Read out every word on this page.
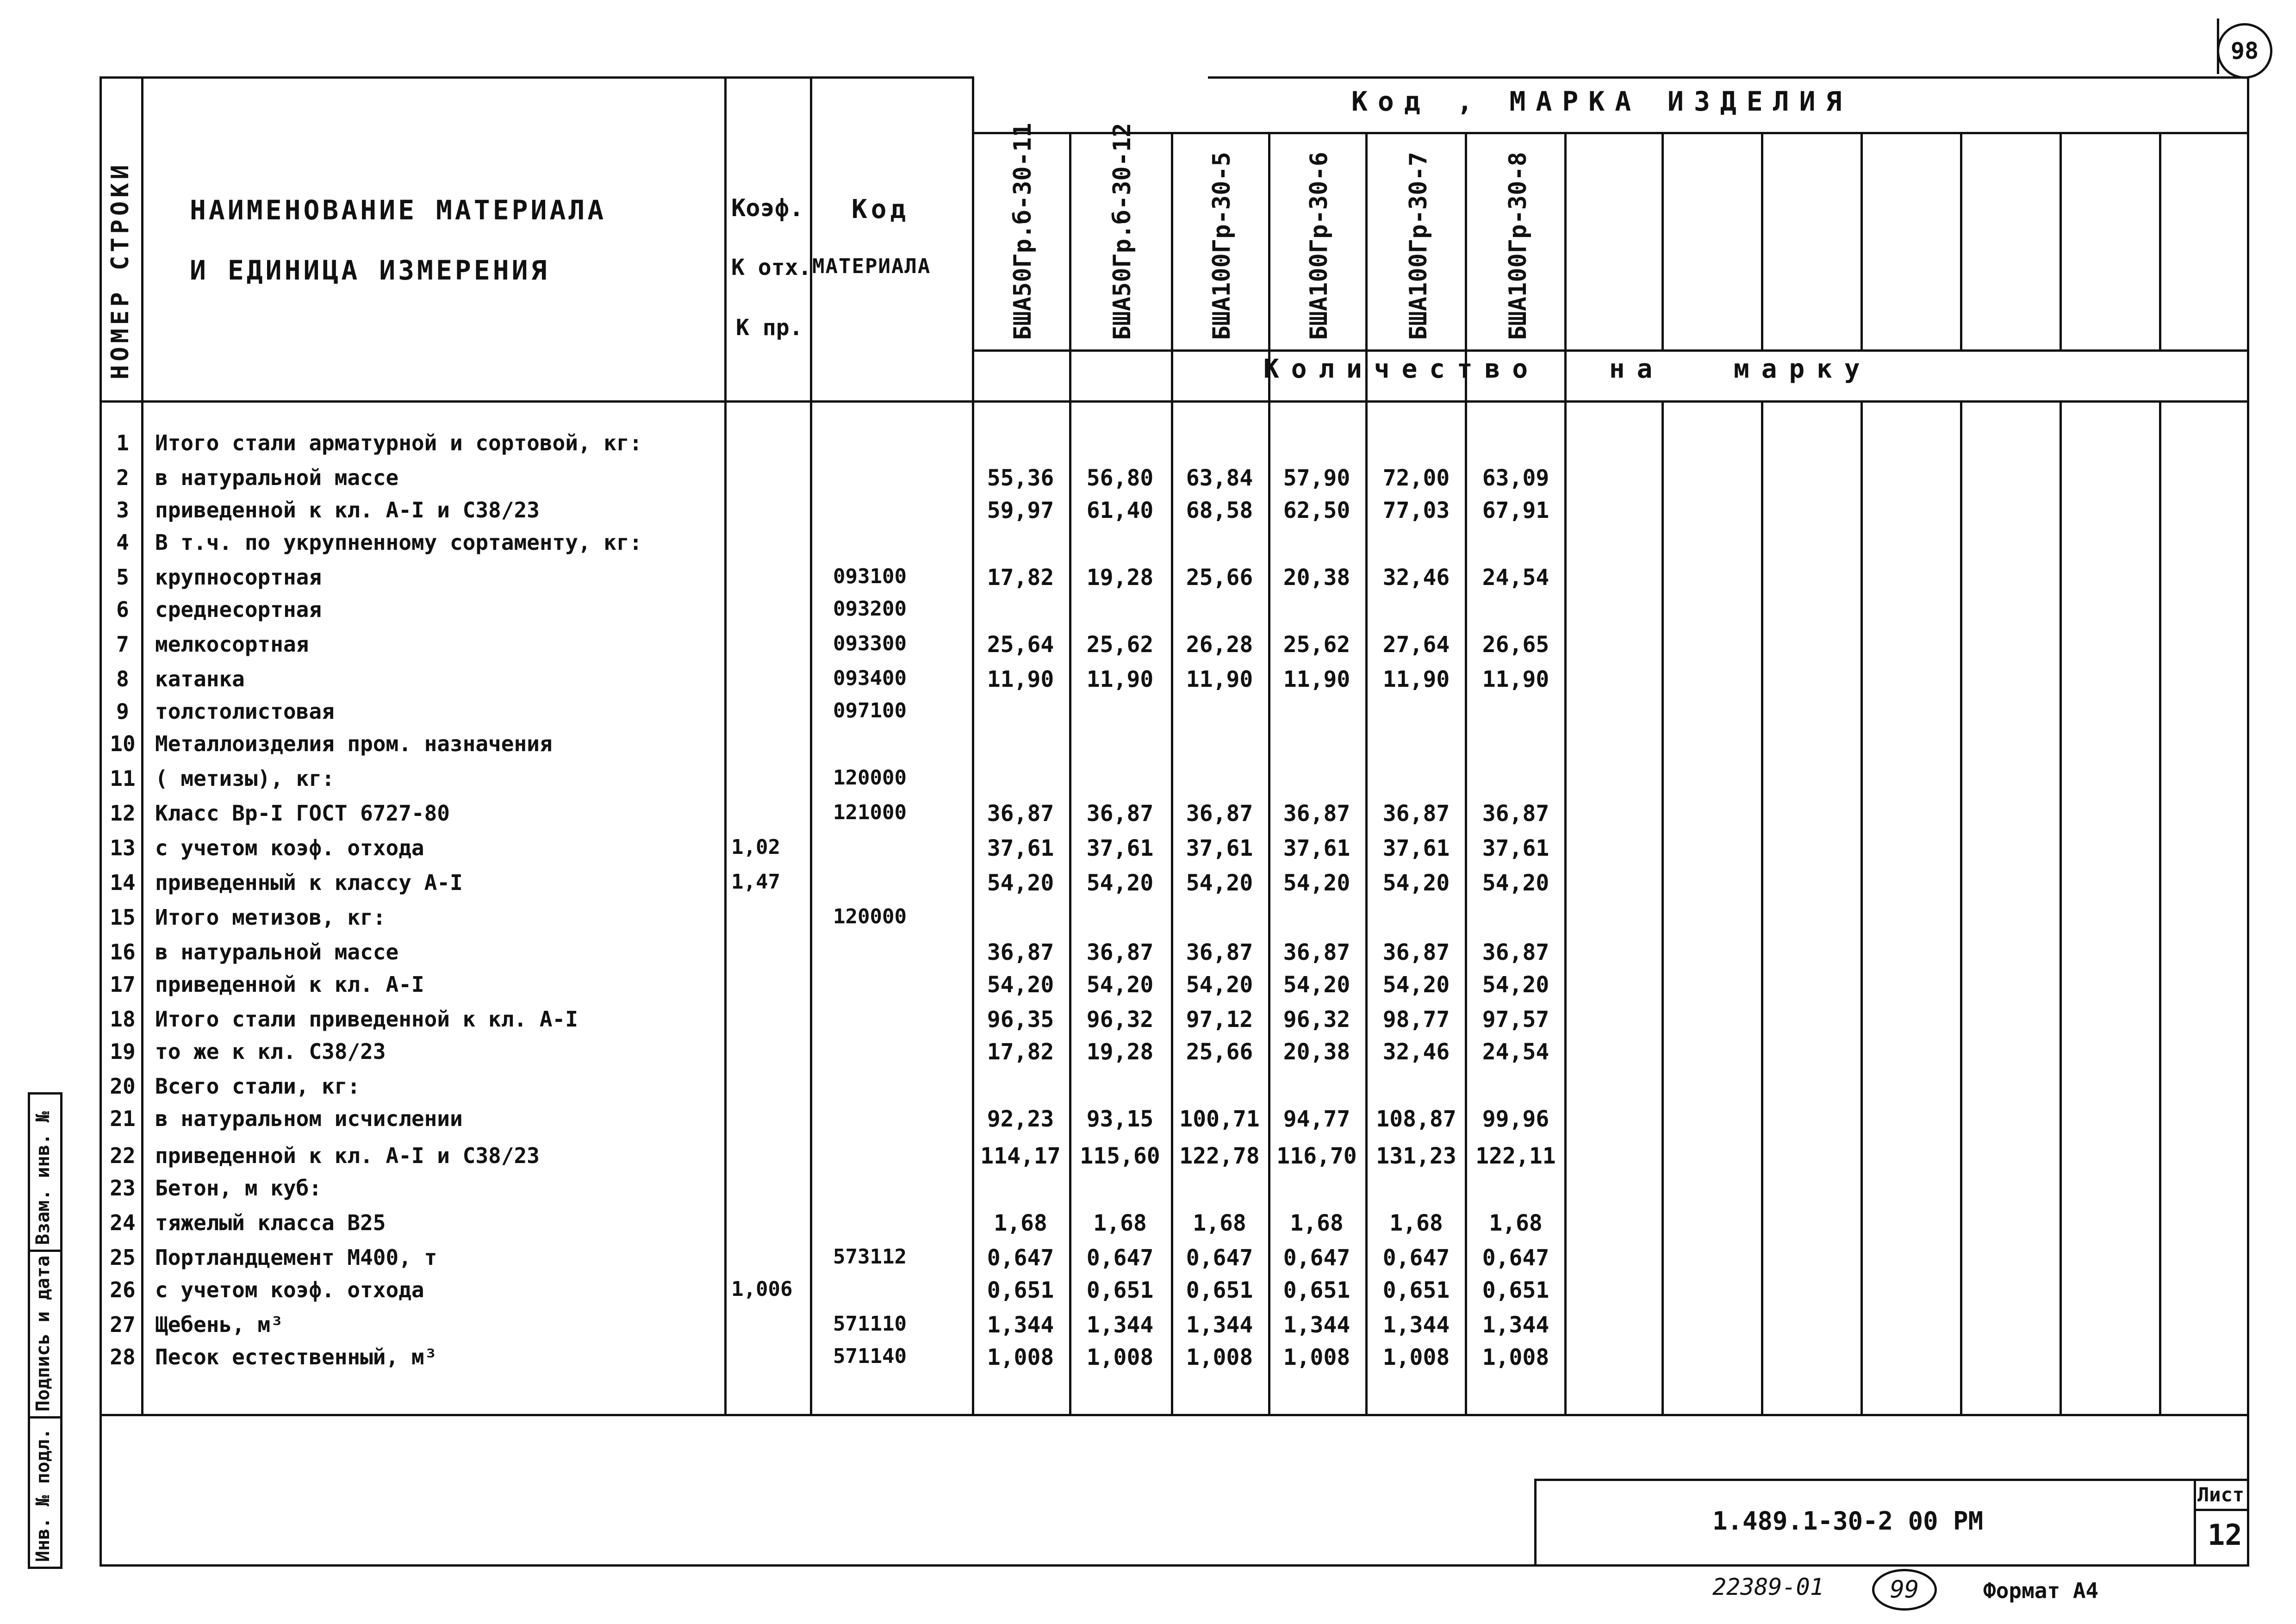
98
НОМЕР СТРОКИ НАИМЕНОВАНИЕ МАТЕРИАЛА
И ЕДИНИЦА ИЗМЕРЕНИЯ
Коэф.
К отх.
К пр.
Код
МАТЕРИАЛА
Код , МАРКА ИЗДЕЛИЯ
Количество на марку
БША50Гр.б-30-11	БША50Гр.б-30-12	БША100Гр-30-5	БША100Гр-30-6	БША100Гр-30-7	БША100Гр-30-8
1	Итого стали арматурной и сортовой, кг:
2	в натуральной массе	55,36	56,80	63,84	57,90	72,00	63,09
3	приведенной к кл. А-I и С38/23	59,97	61,40	68,58	62,50	77,03	67,91
4	В т.ч. по укрупненному сортаменту, кг:
5	крупносортная	093100	17,82	19,28	25,66	20,38	32,46	24,54
6	среднесортная	093200
7	мелкосортная	093300	25,64	25,62	26,28	25,62	27,64	26,65
8	катанка	093400	11,90	11,90	11,90	11,90	11,90	11,90
9	толстолистовая	097100
10 Металлоизделия пром. назначения
11 ( метизы), кг:	120000
12 Класс Вр-I ГОСТ 6727-80	121000	36,87	36,87	36,87	36,87	36,87	36,87
13 с учетом коэф. отхода	1,02	37,61	37,61	37,61	37,61	37,61	37,61
14 приведенный к классу А-I	1,47	54,20	54,20	54,20	54,20	54,20	54,20
15 Итого метизов, кг:	120000
16 в натуральной массе	36,87	36,87	36,87	36,87	36,87	36,87
17 приведенной к кл. А-I	54,20	54,20	54,20	54,20	54,20	54,20
18 Итого стали приведенной к кл. А-I	96,35	96,32	97,12	96,32	98,77	97,57
19 то же к кл. С38/23	17,82	19,28	25,66	20,38	32,46	24,54
20 Всего стали, кг:
21 в натуральном исчислении	92,23	93,15	100,71	94,77	108,87	99,96
22 приведенной к кл. А-I и С38/23	114,17 115,60 122,78 116,70 131,23 122,11
23 Бетон, м куб:
24 тяжелый класса В25	1,68	1,68	1,68	1,68	1,68	1,68
25 Портландцемент М400, т	573112	0,647	0,647	0,647	0,647	0,647	0,647
26 с учетом коэф. отхода	1,006	0,651	0,651	0,651	0,651	0,651	0,651
27 Щебень, м³	571110	1,344	1,344	1,344	1,344	1,344	1,344
28 Песок естественный, м³	571140	1,008	1,008	1,008	1,008	1,008	1,008
Инв. № подл.
Подпись и дата
Взам. инв. №
1.489.1-30-2 00 РМ
Лист
12
22389-01	99	Формат А4
